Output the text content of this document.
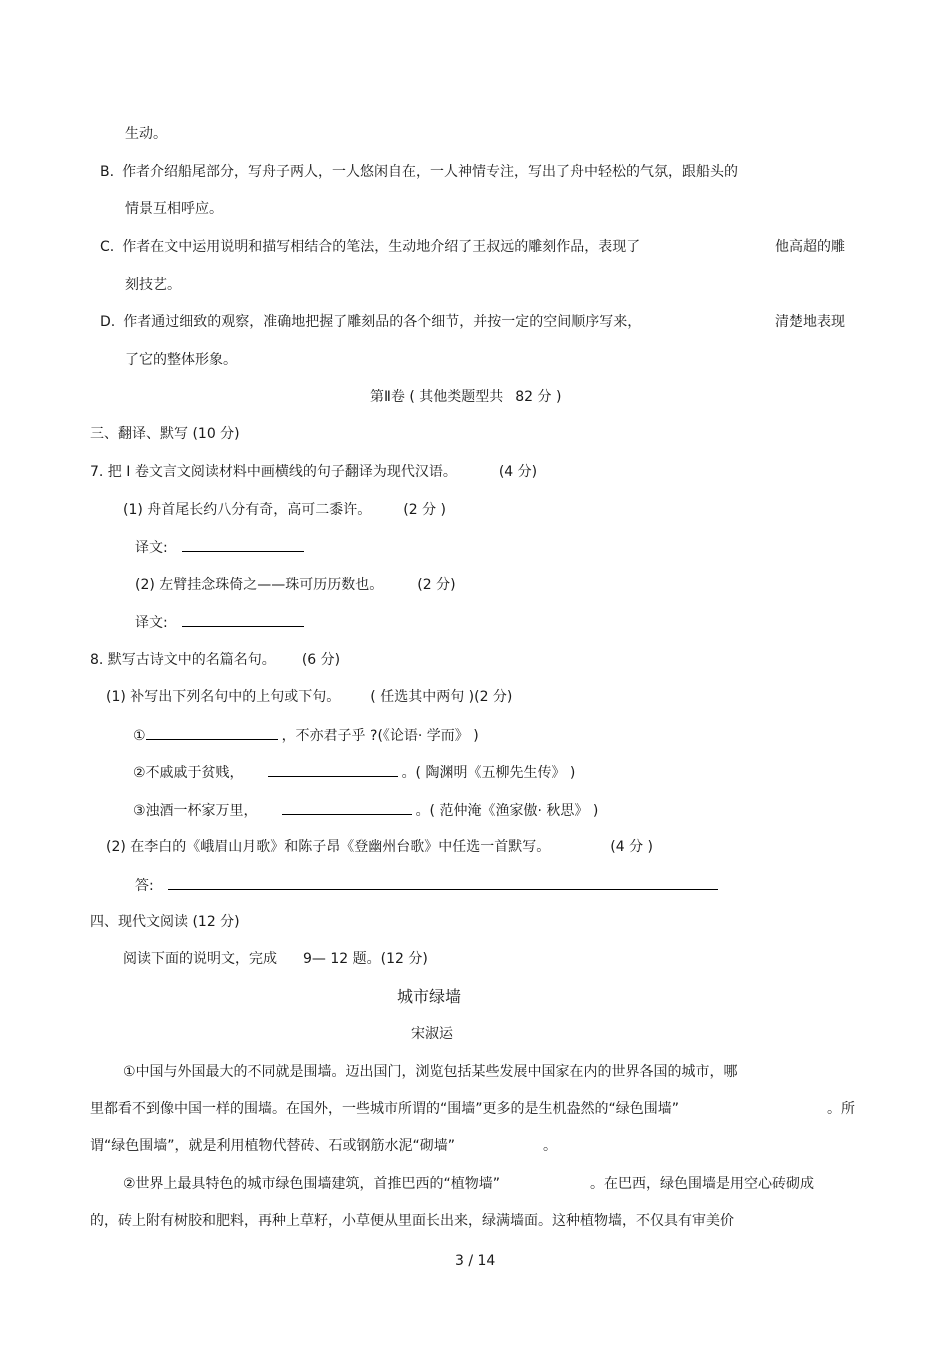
生动。
B. 作者介绍船尾部分，写舟子两人，一人悠闲自在，一人神情专注，写出了舟中轻松的气氛，跟船头的
情景互相呼应。
C. 作者在文中运用说明和描写相结合的笔法，生动地介绍了王叔远的雕刻作品，表现了	他高超的雕
刻技艺。
D. 作者通过细致的观察，准确地把握了雕刻品的各个细节，并按一定的空间顺序写来，	清楚地表现
了它的整体形象。
第Ⅱ卷 ( 其他类题型共 82 分 )
三、翻译、默写 (10 分)
7. 把 Ⅰ 卷文言文阅读材料中画横线的句子翻译为现代汉语。	(4 分)
(1) 舟首尾长约八分有奇，高可二黍许。 (2 分 )
译文:
(2) 左臂挂念珠倚之——珠可历历数也。 (2 分)
译文:
8. 默写古诗文中的名篇名句。 (6 分)
(1) 补写出下列名句中的上句或下句。 ( 任选其中两句 )(2 分)
①	，不亦君子乎 ?(《论语· 学而》 )
②不戚戚于贫贱，	。( 陶渊明《五柳先生传》 )
③浊酒一杯家万里，	。( 范仲淹《渔家傲· 秋思》 )
(2) 在李白的《峨眉山月歌》和陈子昂《登幽州台歌》中任选一首默写。	(4 分 )
答:
四、现代文阅读 (12 分)
阅读下面的说明文，完成 9— 12 题。(12 分)
城市绿墙
宋淑运
①中国与外国最大的不同就是围墙。迈出国门，浏览包括某些发展中国家在内的世界各国的城市，哪
里都看不到像中国一样的围墙。在国外，一些城市所谓的“围墙”更多的是生机盎然的“绿色围墙”	。所
谓“绿色围墙”，就是利用植物代替砖、石或钢筋水泥“砌墙”	。
②世界上最具特色的城市绿色围墙建筑，首推巴西的“植物墙”	。在巴西，绿色围墙是用空心砖砌成
的，砖上附有树胶和肥料，再种上草籽，小草便从里面长出来，绿满墙面。这种植物墙，不仅具有审美价
3 / 14
